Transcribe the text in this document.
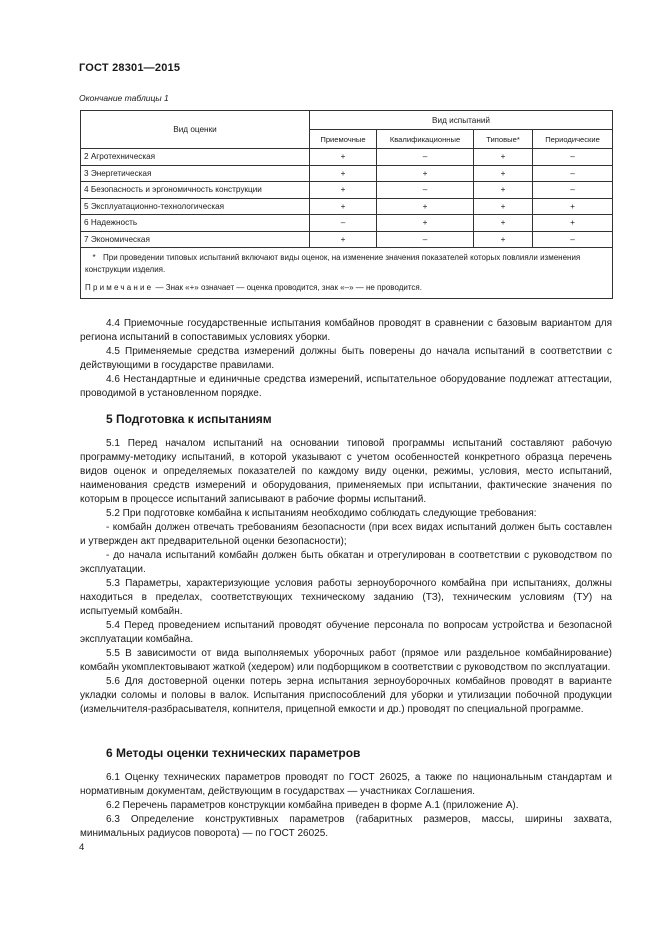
ГОСТ 28301—2015
Окончание таблицы 1
Вид оценки	Вид испытаний			
	Приемочные	Квалификационные	Типовые*	Периодические
2 Агротехническая	+	–	+	–
3 Энергетическая	+	+	+	–
4 Безопасность и эргономичность конструкции	+	–	+	–
5 Эксплуатационно-технологическая	+	+	+	+
6 Надежность	–	+	+	+
7 Экономическая	+	–	+	–

* При проведении типовых испытаний включают виды оценок, на изменение значения показателей которых повлияли изменения конструкции изделия.
Примечание — Знак «+» означает — оценка проводится, знак «–» — не проводится.				

4.4 Приемочные государственные испытания комбайнов проводят в сравнении с базовым вариантом для региона испытаний в сопоставимых условиях уборки.

4.5 Применяемые средства измерений должны быть поверены до начала испытаний в соответствии с действующими в государстве правилами.

4.6 Нестандартные и единичные средства измерений, испытательное оборудование подлежат аттестации, проводимой в установленном порядке.

5 Подготовка к испытаниям

5.1 Перед началом испытаний на основании типовой программы испытаний составляют рабочую программу-методику испытаний, в которой указывают с учетом особенностей конкретного образца перечень видов оценок и определяемых показателей по каждому виду оценки, режимы, условия, место испытаний, наименования средств измерений и оборудования, применяемых при испытании, фактические значения по которым в процессе испытаний записывают в рабочие формы испытаний.

5.2 При подготовке комбайна к испытаниям необходимо соблюдать следующие требования:

- комбайн должен отвечать требованиям безопасности (при всех видах испытаний должен быть составлен и утвержден акт предварительной оценки безопасности);

- до начала испытаний комбайн должен быть обкатан и отрегулирован в соответствии с руководством по эксплуатации.

5.3 Параметры, характеризующие условия работы зерноуборочного комбайна при испытаниях, должны находиться в пределах, соответствующих техническому заданию (ТЗ), техническим условиям (ТУ) на испытуемый комбайн.

5.4 Перед проведением испытаний проводят обучение персонала по вопросам устройства и безопасной эксплуатации комбайна.

5.5 В зависимости от вида выполняемых уборочных работ (прямое или раздельное комбайнирование) комбайн укомплектовывают жаткой (хедером) или подборщиком в соответствии с руководством по эксплуатации.

5.6 Для достоверной оценки потерь зерна испытания зерноуборочных комбайнов проводят в варианте укладки соломы и половы в валок. Испытания приспособлений для уборки и утилизации побочной продукции (измельчителя-разбрасывателя, копнителя, прицепной емкости и др.) проводят по специальной программе.

6 Методы оценки технических параметров

6.1 Оценку технических параметров проводят по ГОСТ 26025, а также по национальным стандартам и нормативным документам, действующим в государствах — участниках Соглашения.

6.2 Перечень параметров конструкции комбайна приведен в форме А.1 (приложение А).

6.3 Определение конструктивных параметров (габаритных размеров, массы, ширины захвата, минимальных радиусов поворота) — по ГОСТ 26025.

4
